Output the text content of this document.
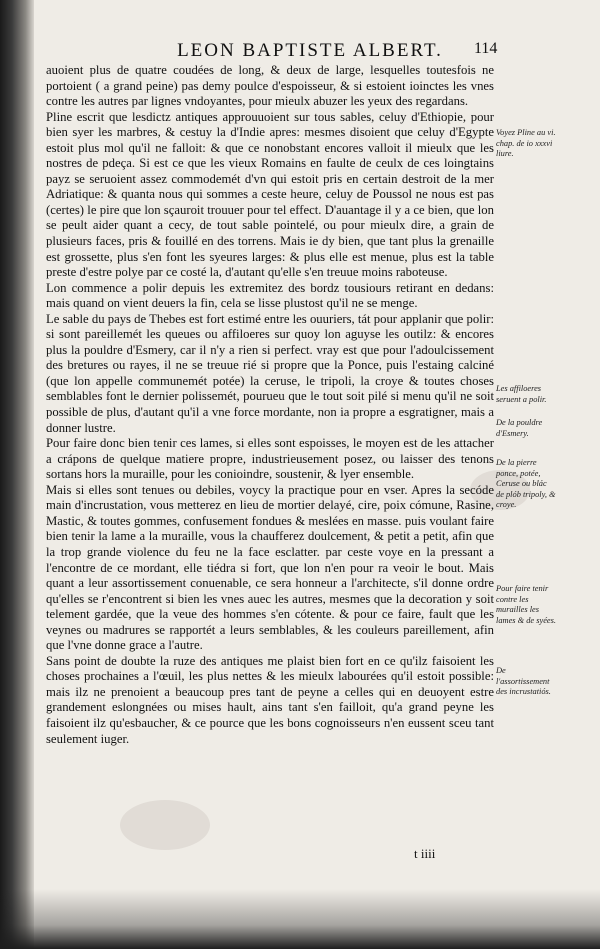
LEON BAPTISTE ALBERT.	114

auoient plus de quatre coudées de long, & deux de large, lesquelles toutesfois ne portoient ( a grand peine) pas demy poulce d'espoisseur, & si estoient ioinctes les vnes contre les autres par lignes vndoyantes, pour mieulx abuzer les yeux des regardans.

Pline escrit que lesdictz antiques approuuoient sur tous sables, celuy d'Ethiopie, pour bien syer les marbres, & cestuy la d'Indie apres: mesmes disoient que celuy d'Egypte estoit plus mol qu'il ne falloit: & que ce nonobstant encores valloit il mieulx que les nostres de pdeça. Si est ce que les vieux Romains en faulte de ceulx de ces loingtains payz se seruoient assez commodemét d'vn qui estoit pris en certain destroit de la mer Adriatique: & quanta nous qui sommes a ceste heure, celuy de Poussol ne nous est pas (certes) le pire que lon sçauroit trouuer pour tel effect. D'auantage il y a ce bien, que lon se peult aider quant a cecy, de tout sable pointelé, ou pour mieulx dire, a grain de plusieurs faces, pris & fouillé en des torrens. Mais ie dy bien, que tant plus la grenaille est grossette, plus s'en font les syeures larges: & plus elle est menue, plus est la table preste d'estre polye par ce costé la, d'autant qu'elle s'en treuue moins raboteuse.

Lon commence a polir depuis les extremitez des bordz tousiours retirant en dedans: mais quand on vient deuers la fin, cela se lisse plustost qu'il ne se menge.

Le sable du pays de Thebes est fort estimé entre les ouuriers, tát pour applanir que polir: si sont pareillemét les queues ou affiloeres sur quoy lon aguyse les outilz: & encores plus la pouldre d'Esmery, car il n'y a rien si perfect. vray est que pour l'adoulcissement des bretures ou rayes, il ne se treuue rié si propre que la Ponce, puis l'estaing calciné (que lon appelle communemét potée) la ceruse, le tripoli, la croye & toutes choses semblables font le dernier polissemét, pourueu que le tout soit pilé si menu qu'il ne soit possible de plus, d'autant qu'il a vne force mordante, non ia propre a esgratigner, mais a donner lustre.

Pour faire donc bien tenir ces lames, si elles sont espoisses, le moyen est de les attacher a crápons de quelque matiere propre, industrieusement posez, ou laisser des tenons sortans hors la muraille, pour les conioindre, soustenir, & lyer ensemble.

Mais si elles sont tenues ou debiles, voycy la practique pour en vser. Apres la secóde main d'incrustation, vous metterez en lieu de mortier delayé, cire, poix cómune, Rasine, Mastic, & toutes gommes, confusement fondues & meslées en masse. puis voulant faire bien tenir la lame a la muraille, vous la chaufferez doulcement, & petit a petit, afin que la trop grande violence du feu ne la face esclatter. par ceste voye en la pressant a l'encontre de ce mordant, elle tiédra si fort, que lon n'en pour ra veoir le bout. Mais quant a leur assortissement conuenable, ce sera honneur a l'architecte, s'il donne ordre qu'elles se r'encontrent si bien les vnes auec les autres, mesmes que la decoration y soit telement gardée, que la veue des hommes s'en cótente. & pour ce faire, fault que les veynes ou madrures se rapportét a leurs semblables, & les couleurs pareillement, afin que l'vne donne grace a l'autre.

Sans point de doubte la ruze des antiques me plaist bien fort en ce qu'ilz faisoient les choses prochaines a l'œuil, les plus nettes & les mieulx labourées qu'il estoit possible: mais ilz ne prenoient a beaucoup pres tant de peyne a celles qui en deuoyent estre grandement eslongnées ou mises hault, ains tant s'en failloit, qu'a grand peyne les faisoient ilz qu'esbaucher, & ce pource que les bons cognoisseurs n'en eussent sceu tant seulement iuger.

Voyez Pline au vi. chap. de io xxxvi liure.
Les affiloeres seruent a polir.
De la pouldre d'Esmery.
De la pierre ponce, potée, Ceruse ou blác de plób tripoly, & croye.
Pour faire tenir contre les murailles les lames & de syées.
De l'assortissement des incrustatiós.
t iiii
